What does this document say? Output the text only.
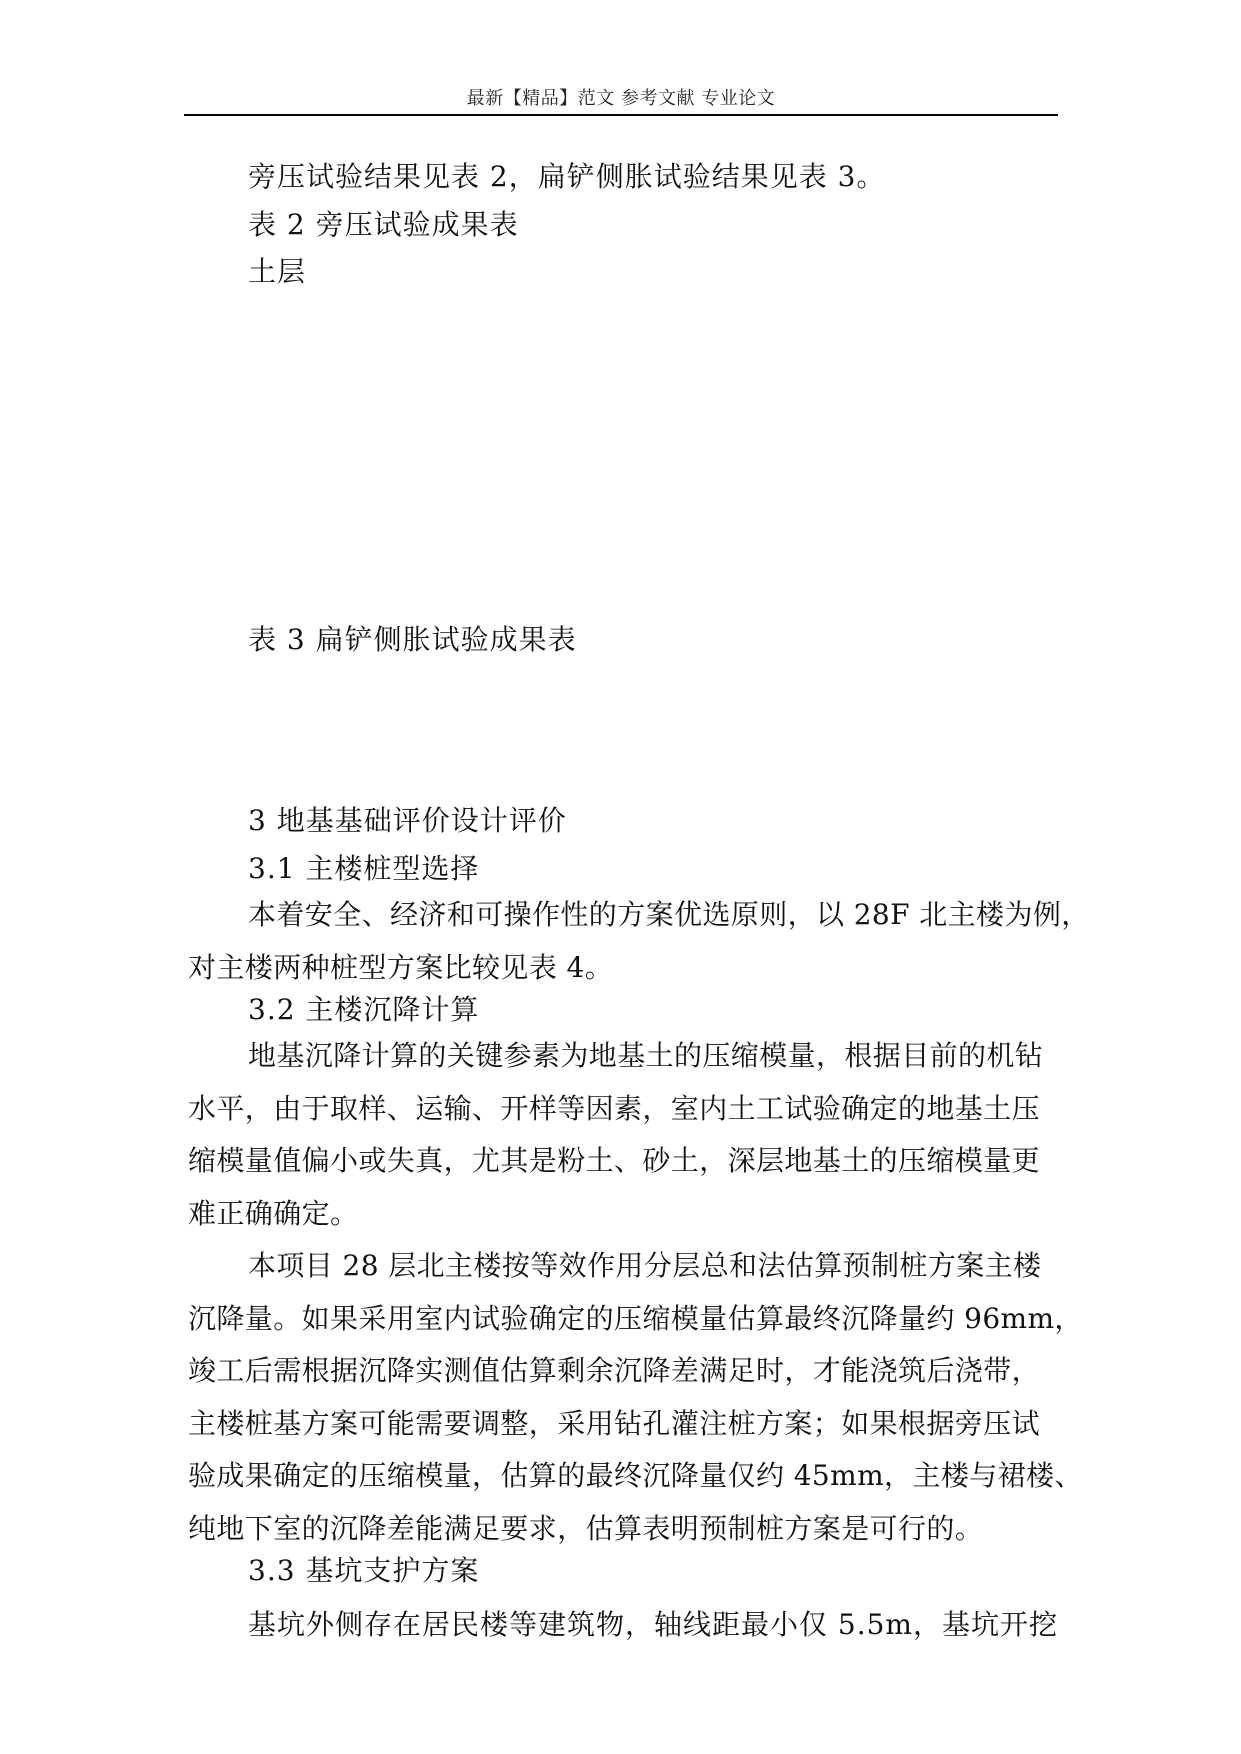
最新【精品】范文 参考文献 专业论文

旁压试验结果见表 2，扁铲侧胀试验结果见表 3。

表 2 旁压试验成果表

土层

表 3 扁铲侧胀试验成果表

3 地基基础评价设计评价

3.1 主楼桩型选择

本着安全、经济和可操作性的方案优选原则，以 28F 北主楼为例，
对主楼两种桩型方案比较见表 4。

3.2 主楼沉降计算

地基沉降计算的关键参素为地基土的压缩模量，根据目前的机钻
水平，由于取样、运输、开样等因素，室内土工试验确定的地基土压
缩模量值偏小或失真，尤其是粉土、砂土，深层地基土的压缩模量更
难正确确定。
本项目 28 层北主楼按等效作用分层总和法估算预制桩方案主楼
沉降量。如果采用室内试验确定的压缩模量估算最终沉降量约 96mm，
竣工后需根据沉降实测值估算剩余沉降差满足时，才能浇筑后浇带，
主楼桩基方案可能需要调整，采用钻孔灌注桩方案；如果根据旁压试
验成果确定的压缩模量，估算的最终沉降量仅约 45mm，主楼与裙楼、
纯地下室的沉降差能满足要求，估算表明预制桩方案是可行的。

3.3 基坑支护方案

基坑外侧存在居民楼等建筑物，轴线距最小仅 5.5m，基坑开挖
